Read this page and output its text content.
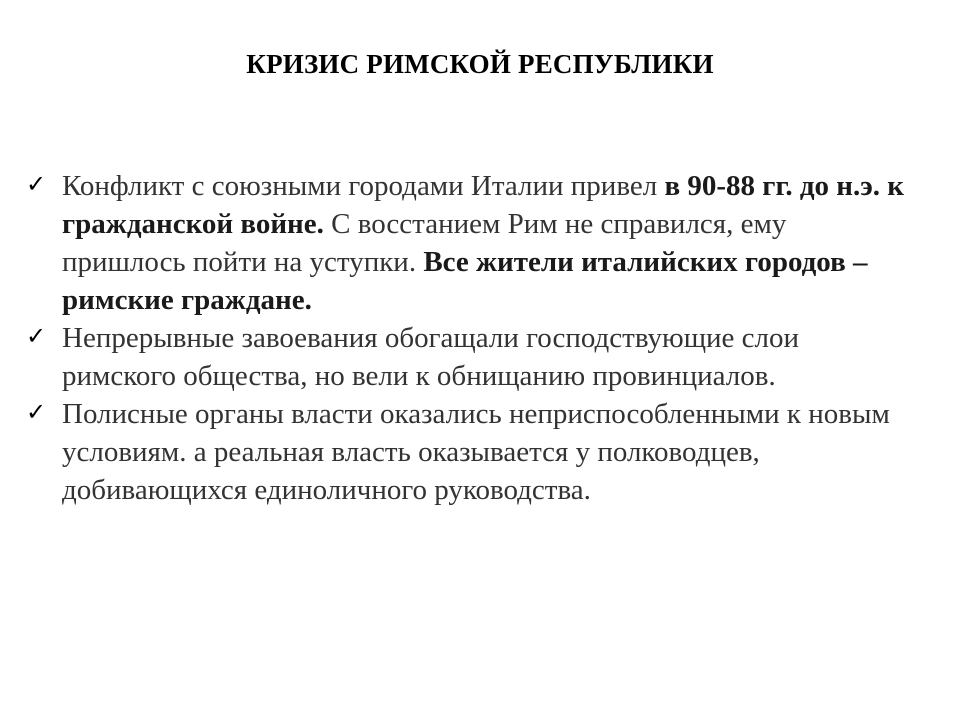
КРИЗИС РИМСКОЙ РЕСПУБЛИКИ
✓ Конфликт с союзными городами Италии привел в 90-88 гг. до н.э. к гражданской войне. С восстанием Рим не справился, ему пришлось пойти на уступки. Все жители италийских городов – римские граждане.
✓ Непрерывные завоевания обогащали господствующие слои римского общества, но вели к обнищанию провинциалов.
✓ Полисные органы власти оказались неприспособленными к новым условиям. а реальная власть оказывается у полководцев, добивающихся единоличного руководства.
